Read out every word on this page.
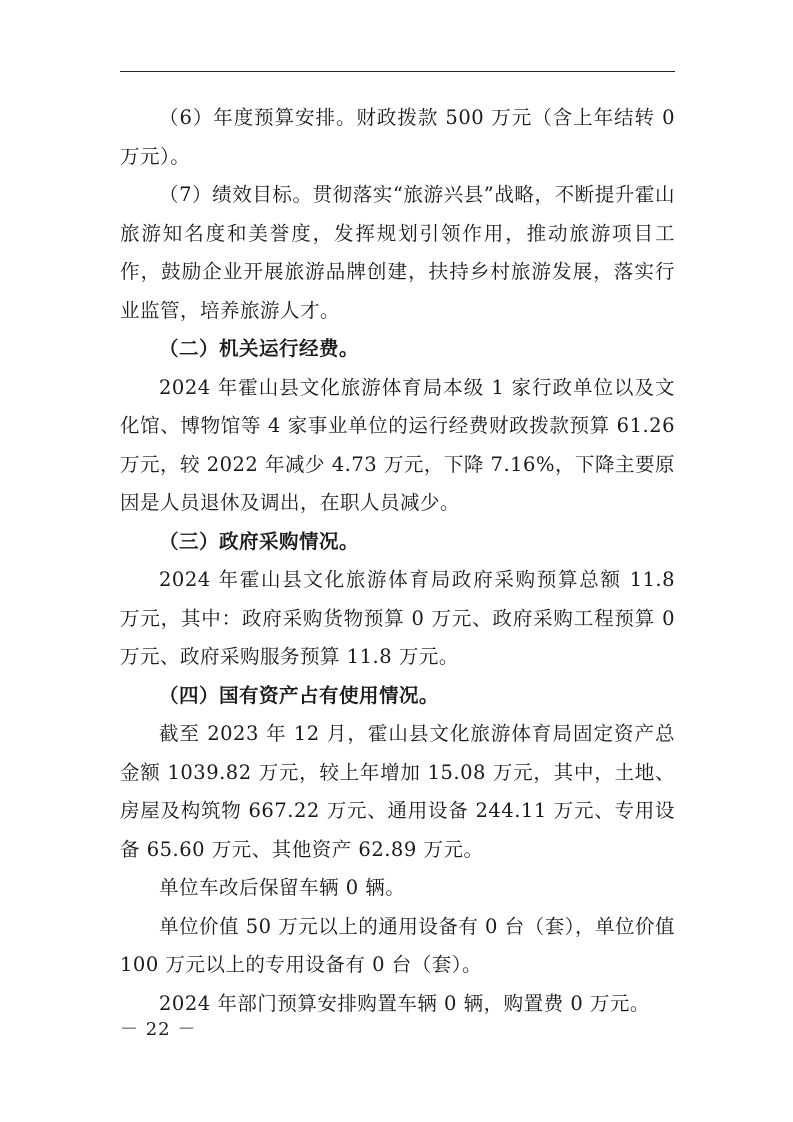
（6）年度预算安排。财政拨款 500 万元（含上年结转 0 万元）。

（7）绩效目标。贯彻落实“旅游兴县”战略，不断提升霍山旅游知名度和美誉度，发挥规划引领作用，推动旅游项目工作，鼓励企业开展旅游品牌创建，扶持乡村旅游发展，落实行业监管，培养旅游人才。

（二）机关运行经费。

2024 年霍山县文化旅游体育局本级 1 家行政单位以及文化馆、博物馆等 4 家事业单位的运行经费财政拨款预算 61.26 万元，较 2022 年减少 4.73 万元，下降 7.16%，下降主要原因是人员退休及调出，在职人员减少。

（三）政府采购情况。

2024 年霍山县文化旅游体育局政府采购预算总额 11.8 万元，其中：政府采购货物预算 0 万元、政府采购工程预算 0 万元、政府采购服务预算 11.8 万元。

（四）国有资产占有使用情况。

截至 2023 年 12 月，霍山县文化旅游体育局固定资产总金额 1039.82 万元，较上年增加 15.08 万元，其中，土地、房屋及构筑物 667.22 万元、通用设备 244.11 万元、专用设备 65.60 万元、其他资产 62.89 万元。

单位车改后保留车辆 0 辆。

单位价值 50 万元以上的通用设备有 0 台（套），单位价值 100 万元以上的专用设备有 0 台（套）。

2024 年部门预算安排购置车辆 0 辆，购置费 0 万元。

－ 22 －
